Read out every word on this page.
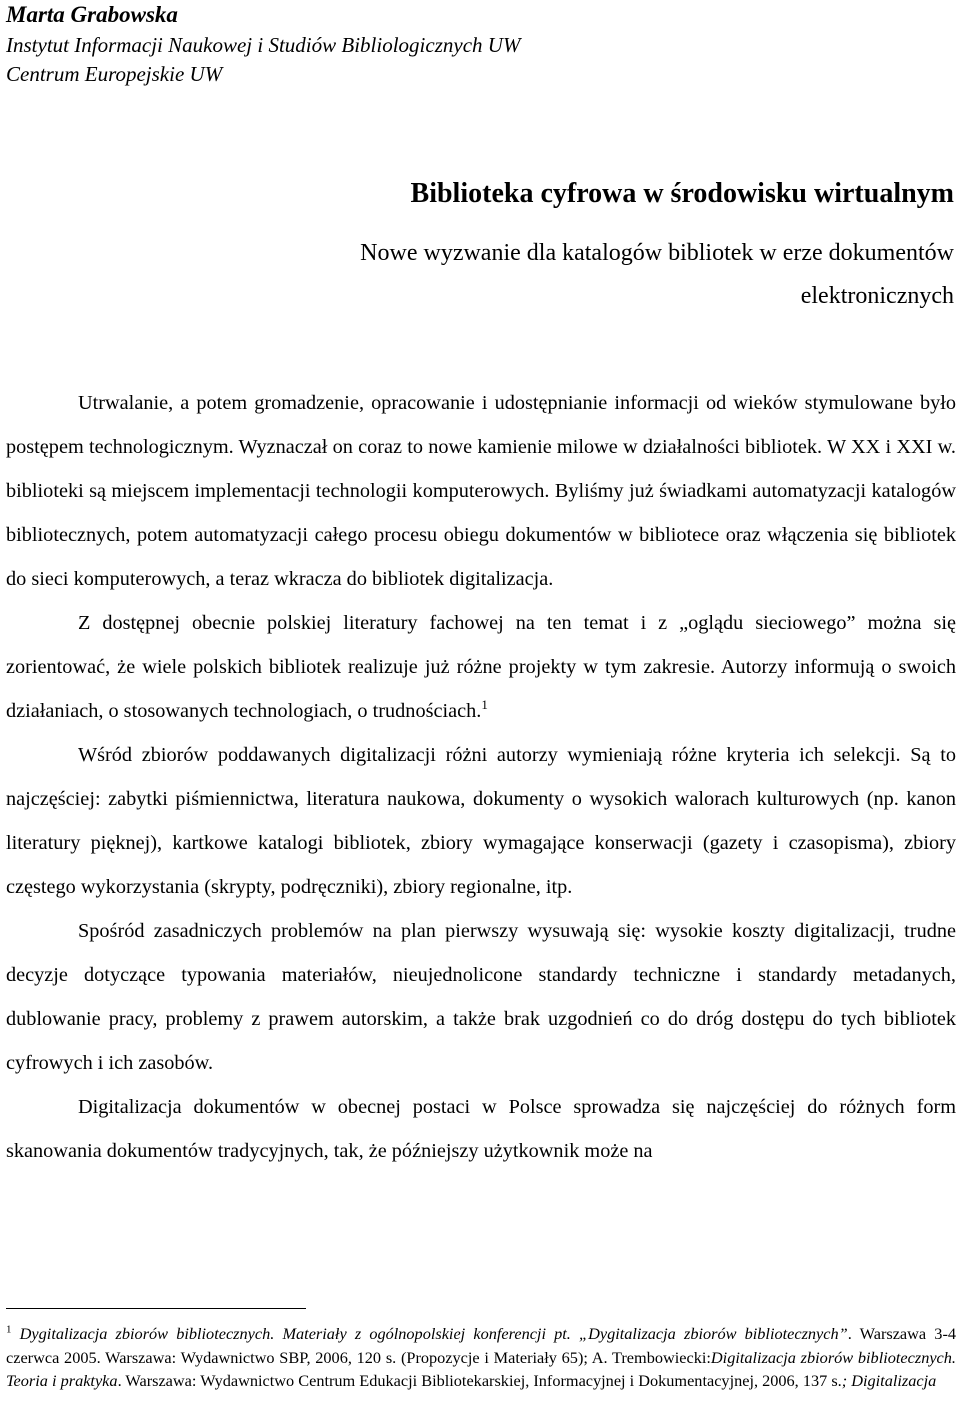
Marta Grabowska
Instytut Informacji Naukowej i Studiów Bibliologicznych UW
Centrum Europejskie UW
Biblioteka cyfrowa w środowisku wirtualnym
Nowe wyzwanie dla katalogów bibliotek w erze dokumentów elektronicznych

Utrwalanie, a potem gromadzenie, opracowanie i udostępnianie informacji od wieków stymulowane było postępem technologicznym. Wyznaczał on coraz to nowe kamienie milowe w działalności bibliotek. W XX i XXI w. biblioteki są miejscem implementacji technologii komputerowych. Byliśmy już świadkami automatyzacji katalogów bibliotecznych, potem automatyzacji całego procesu obiegu dokumentów w bibliotece oraz włączenia się bibliotek do sieci komputerowych, a teraz wkracza do bibliotek digitalizacja.

Z dostępnej obecnie polskiej literatury fachowej na ten temat i z „oglądu sieciowego” można się zorientować, że wiele polskich bibliotek realizuje już różne projekty w tym zakresie. Autorzy informują o swoich działaniach, o stosowanych technologiach, o trudnościach.$^1$

Wśród zbiorów poddawanych digitalizacji różni autorzy wymieniają różne kryteria ich selekcji. Są to najczęściej: zabytki piśmiennictwa, literatura naukowa, dokumenty o wysokich walorach kulturowych (np. kanon literatury pięknej), kartkowe katalogi bibliotek, zbiory wymagające konserwacji (gazety i czasopisma), zbiory częstego wykorzystania (skrypty, podręczniki), zbiory regionalne, itp.

Spośród zasadniczych problemów na plan pierwszy wysuwają się: wysokie koszty digitalizacji, trudne decyzje dotyczące typowania materiałów, nieujednolicone standardy techniczne i standardy metadanych, dublowanie pracy, problemy z prawem autorskim, a także brak uzgodnień co do dróg dostępu do tych bibliotek cyfrowych i ich zasobów.

Digitalizacja dokumentów w obecnej postaci w Polsce sprowadza się najczęściej do różnych form skanowania dokumentów tradycyjnych, tak, że późniejszy użytkownik może na

$^1$ Dygitalizacja zbiorów bibliotecznych. Materiały z ogólnopolskiej konferencji pt. „Dygitalizacja zbiorów bibliotecznych”. Warszawa 3-4 czerwca 2005. Warszawa: Wydawnictwo SBP, 2006, 120 s. (Propozycje i Materiały 65); A. Trembowiecki:Digitalizacja zbiorów bibliotecznych. Teoria i praktyka. Warszawa: Wydawnictwo Centrum Edukacji Bibliotekarskiej, Informacyjnej i Dokumentacyjnej, 2006, 137 s.; Digitalizacja
